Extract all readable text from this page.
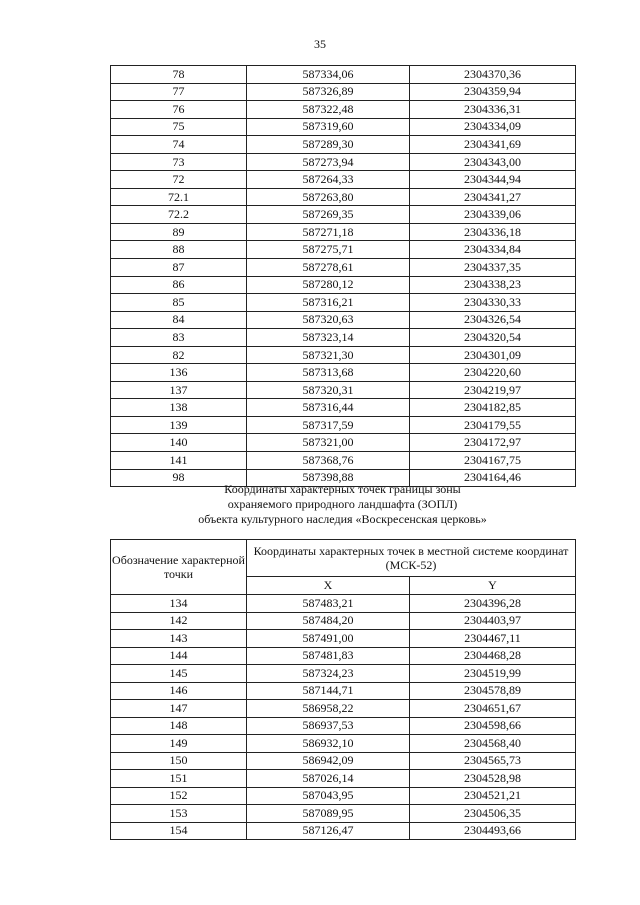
35
78	587334,06	2304370,36
77	587326,89	2304359,94
76	587322,48	2304336,31
75	587319,60	2304334,09
74	587289,30	2304341,69
73	587273,94	2304343,00
72	587264,33	2304344,94
72.1	587263,80	2304341,27
72.2	587269,35	2304339,06
89	587271,18	2304336,18
88	587275,71	2304334,84
87	587278,61	2304337,35
86	587280,12	2304338,23
85	587316,21	2304330,33
84	587320,63	2304326,54
83	587323,14	2304320,54
82	587321,30	2304301,09
136	587313,68	2304220,60
137	587320,31	2304219,97
138	587316,44	2304182,85
139	587317,59	2304179,55
140	587321,00	2304172,97
141	587368,76	2304167,75
98	587398,88	2304164,46
Координаты характерных точек границы зоны
охраняемого природного ландшафта (ЗОПЛ)
объекта культурного наследия «Воскресенская церковь»
Обозначение характерной точки	Координаты характерных точек в местной системе координат (МСК-52)	
	X	Y
134	587483,21	2304396,28
142	587484,20	2304403,97
143	587491,00	2304467,11
144	587481,83	2304468,28
145	587324,23	2304519,99
146	587144,71	2304578,89
147	586958,22	2304651,67
148	586937,53	2304598,66
149	586932,10	2304568,40
150	586942,09	2304565,73
151	587026,14	2304528,98
152	587043,95	2304521,21
153	587089,95	2304506,35
154	587126,47	2304493,66
